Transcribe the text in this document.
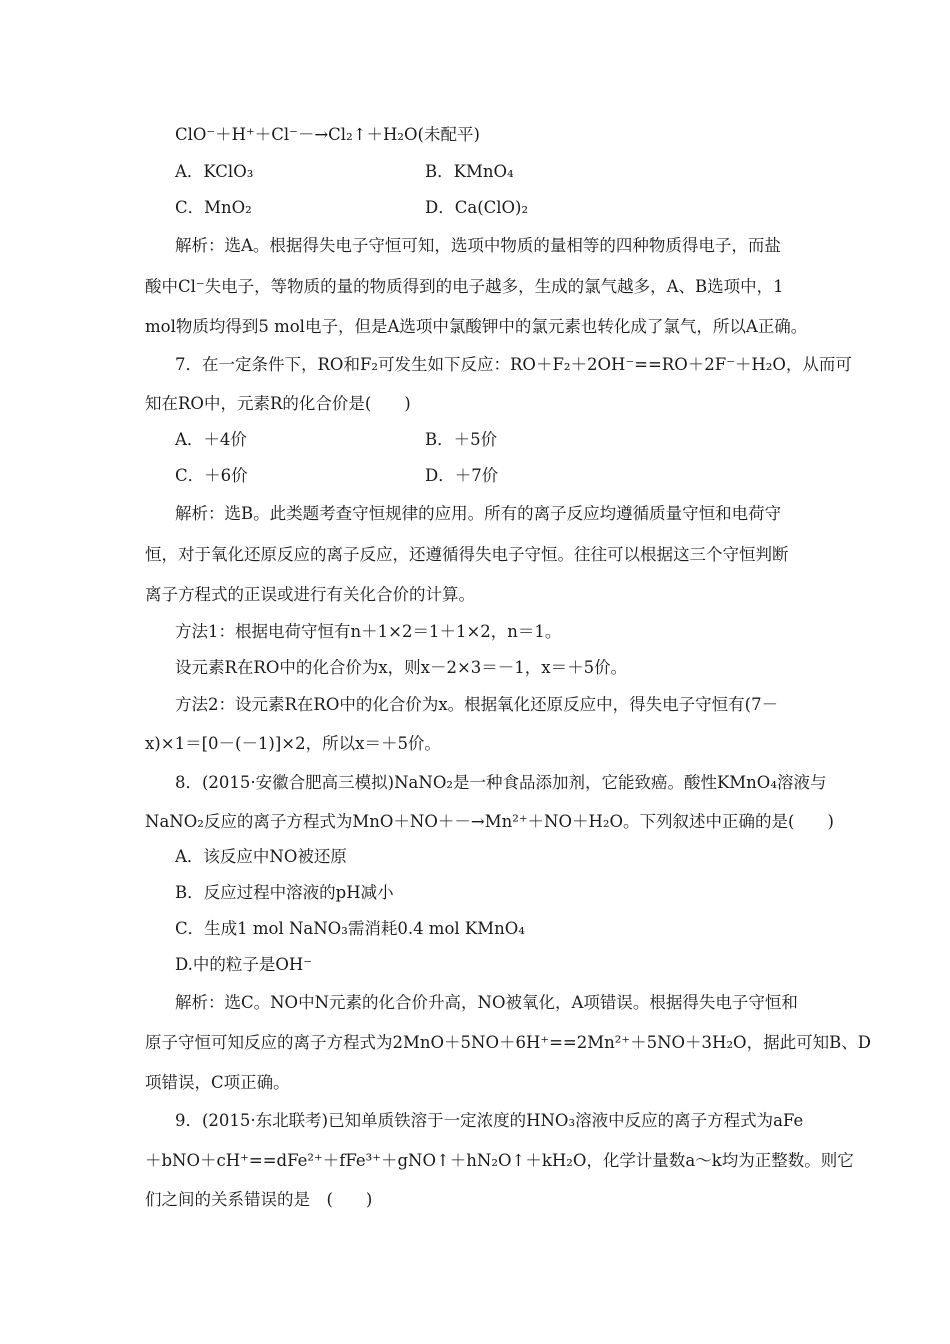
ClO⁻＋H⁺＋Cl⁻－→Cl₂↑＋H₂O(未配平)
A．KClO₃	B．KMnO₄
C．MnO₂	D．Ca(ClO)₂
解析：选A。根据得失电子守恒可知，选项中物质的量相等的四种物质得电子，而盐
酸中Cl⁻失电子，等物质的量的物质得到的电子越多，生成的氯气越多，A、B选项中，1
mol物质均得到5 mol电子，但是A选项中氯酸钾中的氯元素也转化成了氯气，所以A正确。
7．在一定条件下，RO和F₂可发生如下反应：RO＋F₂＋2OH⁻==RO＋2F⁻＋H₂O，从而可
知在RO中，元素R的化合价是(　　)
A．＋4价	B．＋5价
C．＋6价	D．＋7价
解析：选B。此类题考查守恒规律的应用。所有的离子反应均遵循质量守恒和电荷守
恒，对于氧化还原反应的离子反应，还遵循得失电子守恒。往往可以根据这三个守恒判断
离子方程式的正误或进行有关化合价的计算。
方法1：根据电荷守恒有n＋1×2＝1＋1×2，n＝1。
设元素R在RO中的化合价为x，则x－2×3＝－1，x＝＋5价。
方法2：设元素R在RO中的化合价为x。根据氧化还原反应中，得失电子守恒有(7－
x)×1＝[0－(－1)]×2，所以x＝＋5价。
8．(2015·安徽合肥高三模拟)NaNO₂是一种食品添加剂，它能致癌。酸性KMnO₄溶液与
NaNO₂反应的离子方程式为MnO＋NO＋－→Mn²⁺＋NO＋H₂O。下列叙述中正确的是(　　)
A．该反应中NO被还原
B．反应过程中溶液的pH减小
C．生成1 mol NaNO₃需消耗0.4 mol KMnO₄
D.中的粒子是OH⁻
解析：选C。NO中N元素的化合价升高，NO被氧化，A项错误。根据得失电子守恒和
原子守恒可知反应的离子方程式为2MnO＋5NO＋6H⁺==2Mn²⁺＋5NO＋3H₂O，据此可知B、D
项错误，C项正确。
9．(2015·东北联考)已知单质铁溶于一定浓度的HNO₃溶液中反应的离子方程式为aFe
＋bNO＋cH⁺==dFe²⁺＋fFe³⁺＋gNO↑＋hN₂O↑＋kH₂O，化学计量数a～k均为正整数。则它
们之间的关系错误的是　(　　)
